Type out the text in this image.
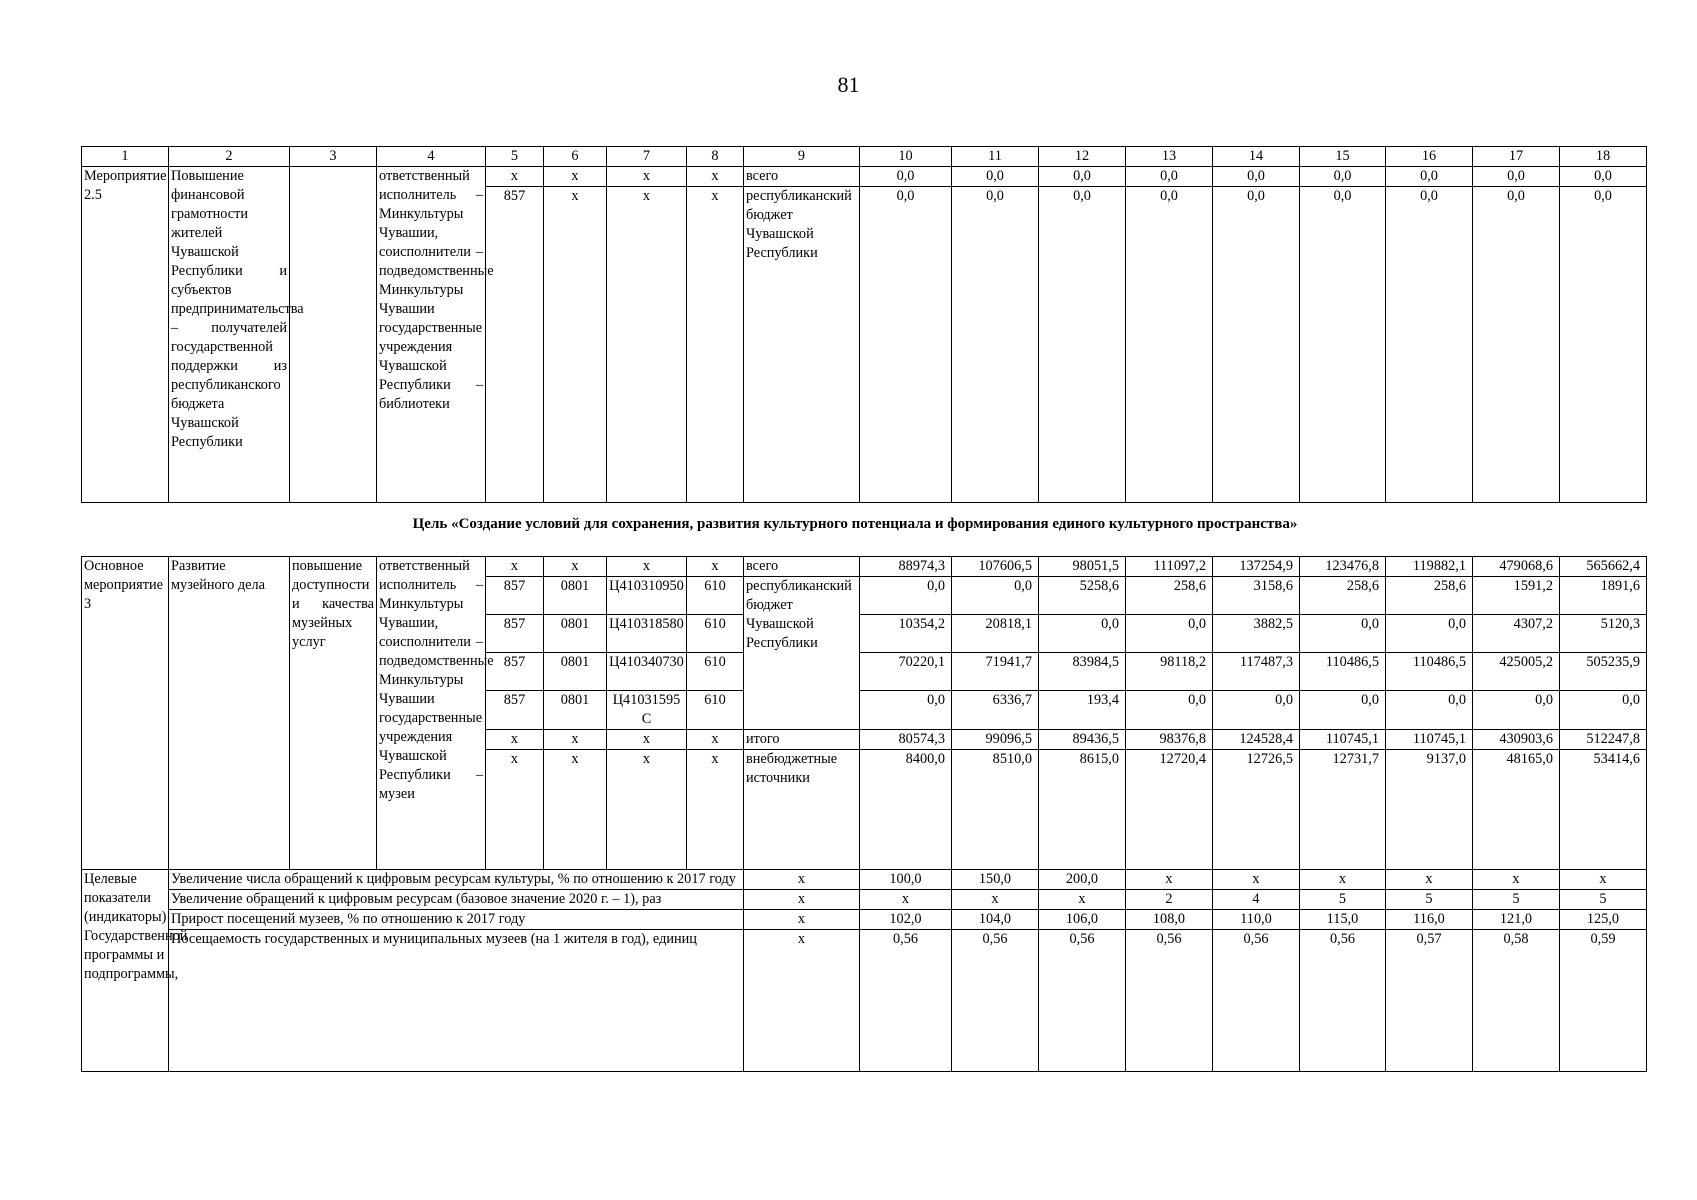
81
1	2	3	4	5	6	7	8	9	10	11	12	13	14	15	16	17	18
Мероприятие 2.5	Повышение финансовой грамотности жителей Чувашской Республики и субъектов предпринимательства – получателей государственной поддержки из республиканского бюджета Чувашской Республики		ответственный исполнитель – Минкультуры Чувашии, соисполнители – подведомственные Минкультуры Чувашии государственные учреждения Чувашской Республики – библиотеки	х	х	х	х	всего	0,0	0,0	0,0	0,0	0,0	0,0	0,0	0,0	0,0
				857	х	х	х	республиканский бюджет Чувашской Республики	0,0	0,0	0,0	0,0	0,0	0,0	0,0	0,0	0,0
Цель «Создание условий для сохранения, развития культурного потенциала и формирования единого культурного пространства»
Основное мероприятие 3	Развитие музейного дела	повышение доступности и качества музейных услуг	ответственный исполнитель – Минкультуры Чувашии, соисполнители – подведомственные Минкультуры Чувашии государственные учреждения Чувашской Республики – музеи	х	х	х	х	всего	88974,3	107606,5	98051,5	111097,2	137254,9	123476,8	119882,1	479068,6	565662,4
				857	0801	Ц410310950	610	республиканский бюджет Чувашской Республики	0,0	0,0	5258,6	258,6	3158,6	258,6	258,6	1591,2	1891,6
				857	0801	Ц410318580	610		10354,2	20818,1	0,0	0,0	3882,5	0,0	0,0	4307,2	5120,3
				857	0801	Ц410340730	610		70220,1	71941,7	83984,5	98118,2	117487,3	110486,5	110486,5	425005,2	505235,9
				857	0801	Ц41031595С	610		0,0	6336,7	193,4	0,0	0,0	0,0	0,0	0,0	0,0
				х	х	х	х	итого	80574,3	99096,5	89436,5	98376,8	124528,4	110745,1	110745,1	430903,6	512247,8
				х	х	х	х	внебюджетные источники	8400,0	8510,0	8615,0	12720,4	12726,5	12731,7	9137,0	48165,0	53414,6
Целевые показатели (индикаторы) Государственной программы и подпрограммы,	Увеличение числа обращений к цифровым ресурсам культуры, % по отношению к 2017 году							х	100,0	150,0	200,0	х	х	х	х	х	х
	Увеличение обращений к цифровым ресурсам (базовое значение 2020 г. – 1), раз							х	х	х	х	2	4	5	5	5	5
	Прирост посещений музеев, % по отношению к 2017 году							х	102,0	104,0	106,0	108,0	110,0	115,0	116,0	121,0	125,0
	Посещаемость государственных и муниципальных музеев (на 1 жителя в год), единиц							х	0,56	0,56	0,56	0,56	0,56	0,56	0,57	0,58	0,59
